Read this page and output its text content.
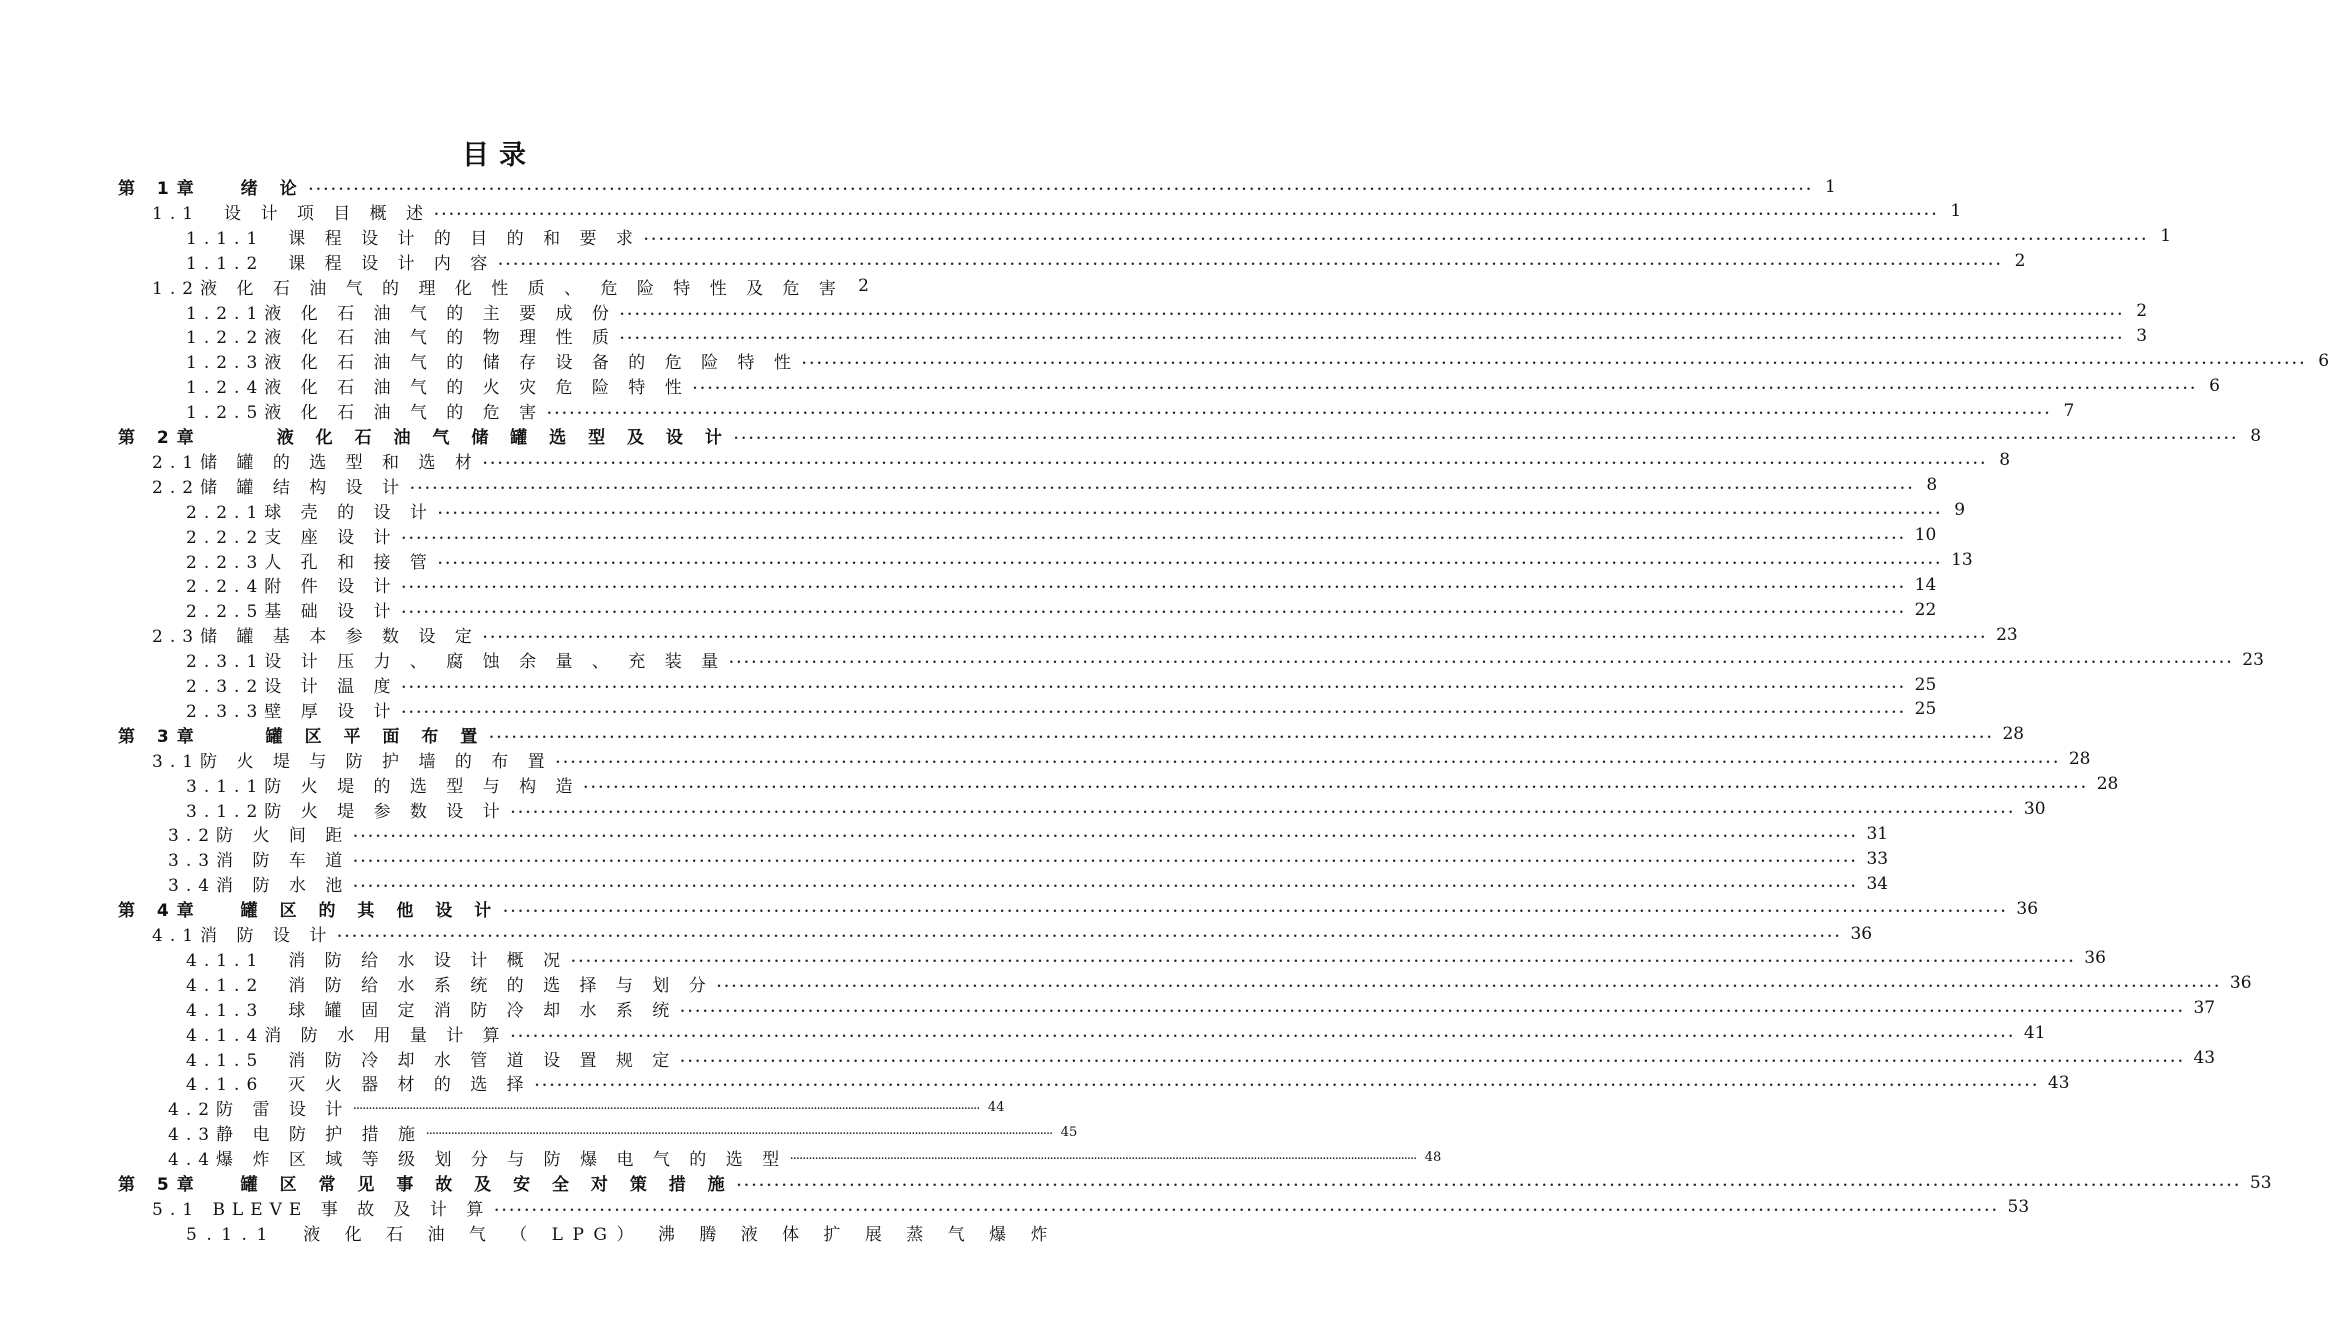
目录
第 1章　 绪 论 .....	1
1.1　设 计 项 目 概 述 .....	1
1.1.1　课 程 设 计 的 目 的 和 要 求 .....	1
1.1.2　课 程 设 计 内 容 .....	2
1.2液 化 石 油 气 的 理 化 性 质 、 危 险 特 性 及 危 害 2
1.2.1液 化 石 油 气 的 主 要 成 份 .....	2
1.2.2液 化 石 油 气 的 物 理 性 质 .....	3
1.2.3液 化 石 油 气 的 储 存 设 备 的 危 险 特 性 .....	6
1.2.4液 化 石 油 气 的 火 灾 危 险 特 性 .....	6
1.2.5液 化 石 油 气 的 危 害 .....	7
第 2章　　　液 化 石 油 气 储 罐 选 型 及 设 计 .....	8
2.1储 罐 的 选 型 和 选 材 .....	8
2.2储 罐 结 构 设 计 .....	8
2.2.1球 壳 的 设 计 .....	9
2.2.2支 座 设 计 .....	10
2.2.3人 孔 和 接 管 .....	13
2.2.4附 件 设 计 .....	14
2.2.5基 础 设 计 .....	22
2.3储 罐 基 本 参 数 设 定 .....	23
2.3.1设 计 压 力 、 腐 蚀 余 量 、 充 装 量 .....	23
2.3.2设 计 温 度 .....	25
2.3.3壁 厚 设 计 .....	25
第 3章　　 罐 区 平 面 布 置 .....	28
3.1防 火 堤 与 防 护 墙 的 布 置 .....	28
3.1.1防 火 堤 的 选 型 与 构 造 .....	28
3.1.2防 火 堤 参 数 设 计 .....	30
3.2防 火 间 距 .....	31
3.3消 防 车 道 .....	33
3.4消 防 水 池 .....	34
第 4章　 罐 区 的 其 他 设 计 .....	36
4.1消 防 设 计 .....	36
4.1.1　消 防 给 水 设 计 概 况 .....	36
4.1.2　消 防 给 水 系 统 的 选 择 与 划 分 .....	36
4.1.3　球 罐 固 定 消 防 冷 却 水 系 统 .....	37
4.1.4消 防 水 用 量 计 算 .....	41
4.1.5　消 防 冷 却 水 管 道 设 置 规 定 .....	43
4.1.6　灭 火 器 材 的 选 择 .....	43
4.2防 雷 设 计 .....	44
4.3静 电 防 护 措 施 .....	45
4.4爆 炸 区 域 等 级 划 分 与 防 爆 电 气 的 选 型 .....	48
第 5章　 罐 区 常 见 事 故 及 安 全 对 策 措 施 .....	53
5.1 BLEVE 事 故 及 计 算 .....	53
5.1.1　液 化 石 油 气 （ LPG） 沸 腾 液 体 扩 展 蒸 气 爆 炸
